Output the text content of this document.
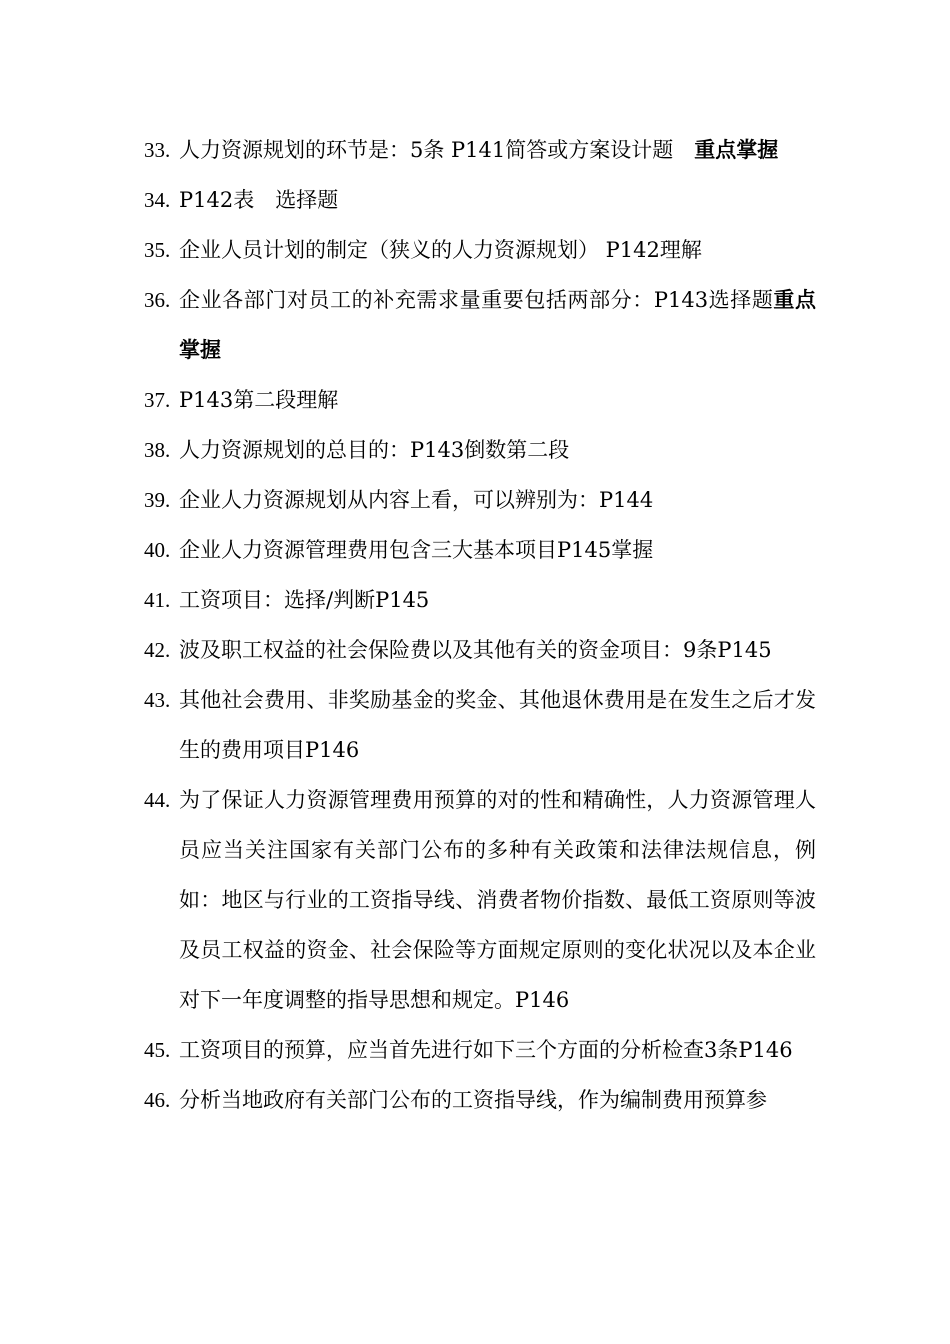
33. 人力资源规划的环节是：5条 P141简答或方案设计题　重点掌握
34. P142表　选择题
35. 企业人员计划的制定（狭义的人力资源规划） P142理解
36. 企业各部门对员工的补充需求量重要包括两部分：P143选择题重点掌握
37. P143第二段理解
38. 人力资源规划的总目的：P143倒数第二段
39. 企业人力资源规划从内容上看，可以辨别为：P144
40. 企业人力资源管理费用包含三大基本项目P145掌握
41. 工资项目：选择/判断P145
42. 波及职工权益的社会保险费以及其他有关的资金项目：9条P145
43. 其他社会费用、非奖励基金的奖金、其他退休费用是在发生之后才发生的费用项目P146
44. 为了保证人力资源管理费用预算的对的性和精确性，人力资源管理人员应当关注国家有关部门公布的多种有关政策和法律法规信息，例如：地区与行业的工资指导线、消费者物价指数、最低工资原则等波及员工权益的资金、社会保险等方面规定原则的变化状况以及本企业对下一年度调整的指导思想和规定。P146
45. 工资项目的预算，应当首先进行如下三个方面的分析检查3条P146
46. 分析当地政府有关部门公布的工资指导线，作为编制费用预算参
